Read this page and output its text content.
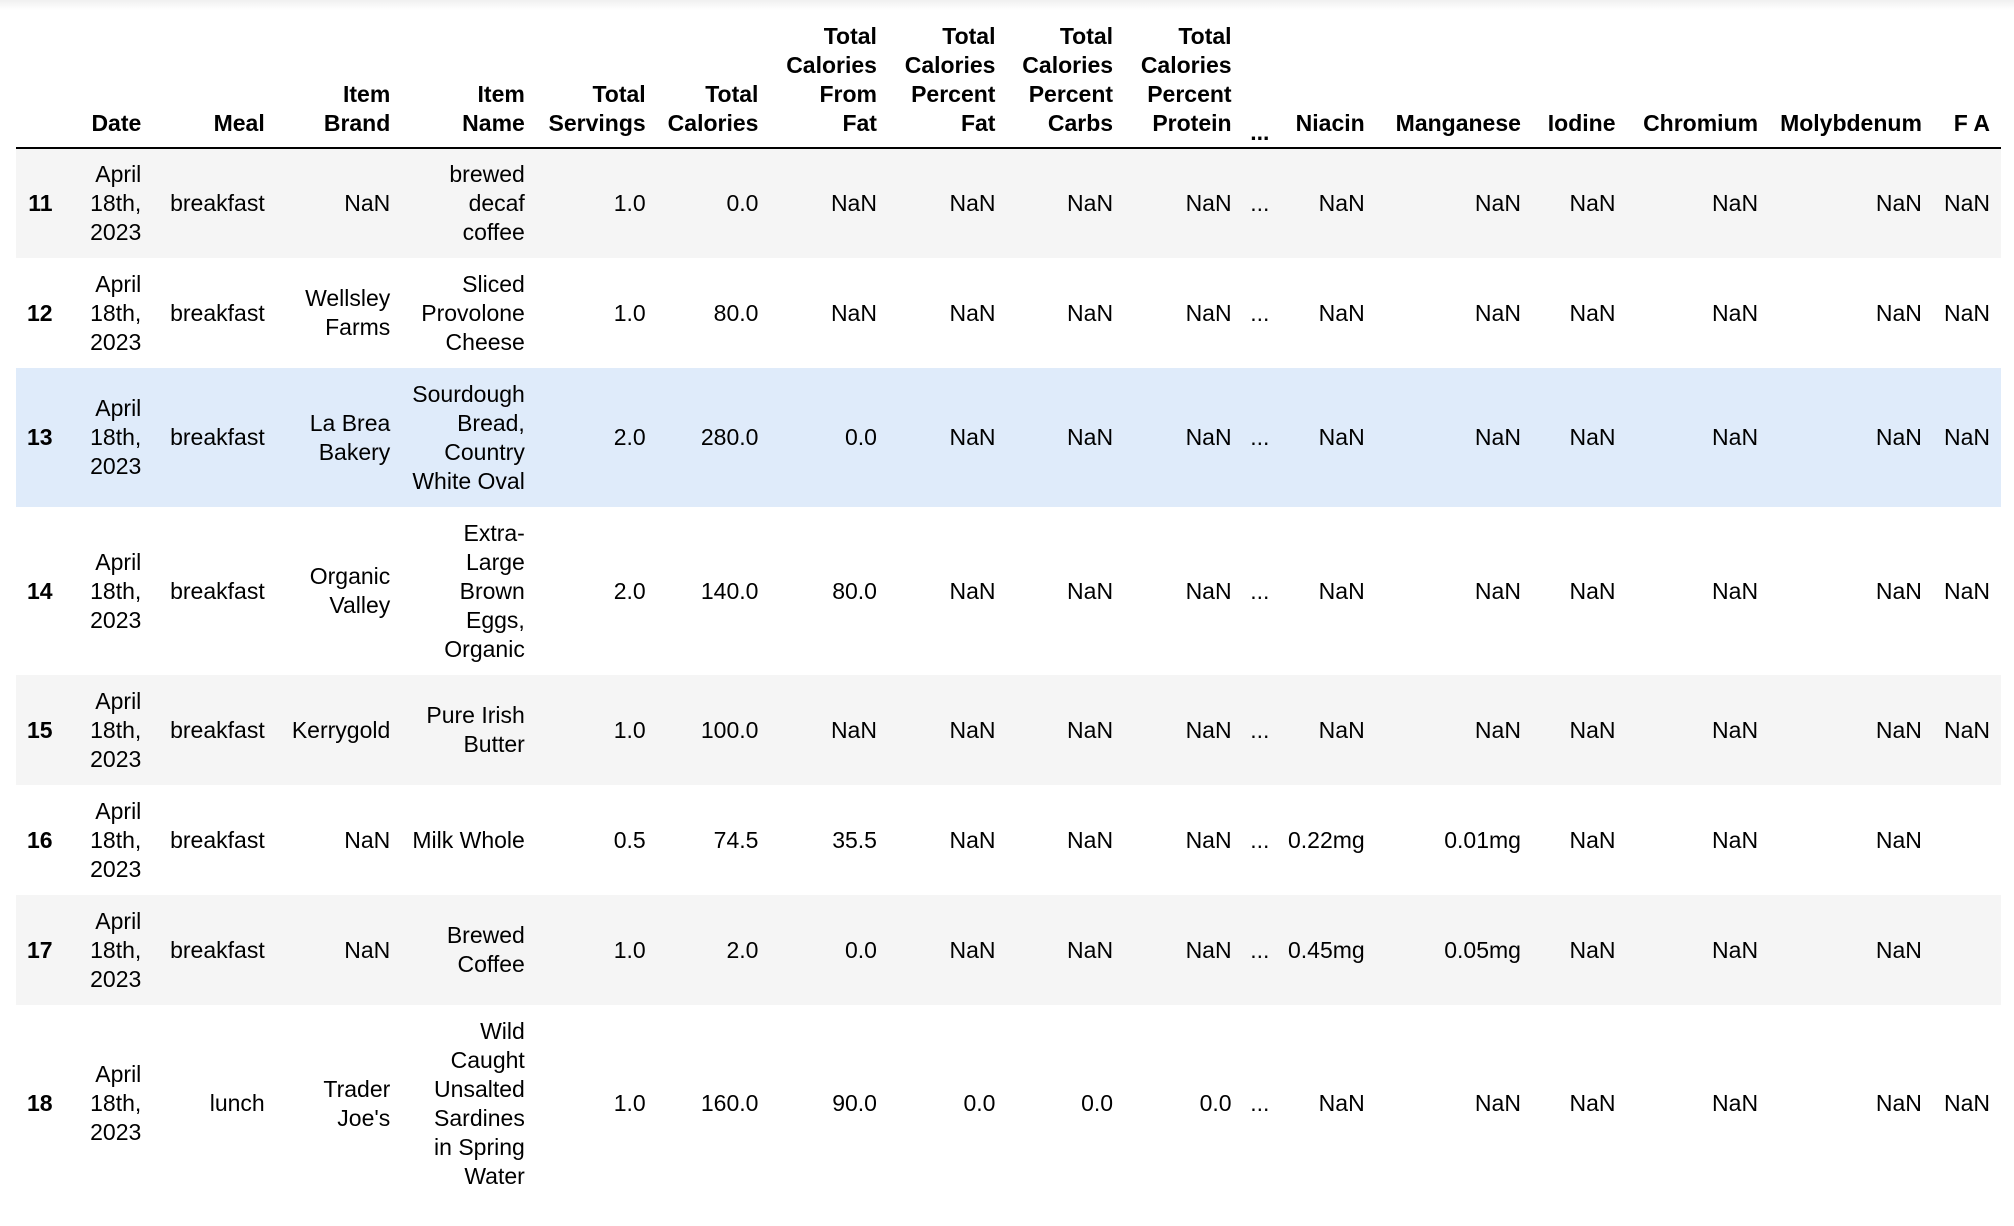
	Date	Meal	Item Brand	Item Name	Total Servings	Total Calories	Total Calories From Fat	Total Calories Percent Fat	Total Calories Percent Carbs	Total Calories Percent Protein	...	Niacin	Manganese	Iodine	Chromium	Molybdenum	F A
11	April 18th, 2023	breakfast	NaN	brewed decaf coffee	1.0	0.0	NaN	NaN	NaN	NaN	...	NaN	NaN	NaN	NaN	NaN	NaN
12	April 18th, 2023	breakfast	Wellsley Farms	Sliced Provolone Cheese	1.0	80.0	NaN	NaN	NaN	NaN	...	NaN	NaN	NaN	NaN	NaN	NaN
13	April 18th, 2023	breakfast	La Brea Bakery	Sourdough Bread, Country White Oval	2.0	280.0	0.0	NaN	NaN	NaN	...	NaN	NaN	NaN	NaN	NaN	NaN
14	April 18th, 2023	breakfast	Organic Valley	Extra-Large Brown Eggs, Organic	2.0	140.0	80.0	NaN	NaN	NaN	...	NaN	NaN	NaN	NaN	NaN	NaN
15	April 18th, 2023	breakfast	Kerrygold	Pure Irish Butter	1.0	100.0	NaN	NaN	NaN	NaN	...	NaN	NaN	NaN	NaN	NaN	NaN
16	April 18th, 2023	breakfast	NaN	Milk Whole	0.5	74.5	35.5	NaN	NaN	NaN	...	0.22mg	0.01mg	NaN	NaN	NaN	
17	April 18th, 2023	breakfast	NaN	Brewed Coffee	1.0	2.0	0.0	NaN	NaN	NaN	...	0.45mg	0.05mg	NaN	NaN	NaN	
18	April 18th, 2023	lunch	Trader Joe's	Wild Caught Unsalted Sardines in Spring Water	1.0	160.0	90.0	0.0	0.0	0.0	...	NaN	NaN	NaN	NaN	NaN	NaN
